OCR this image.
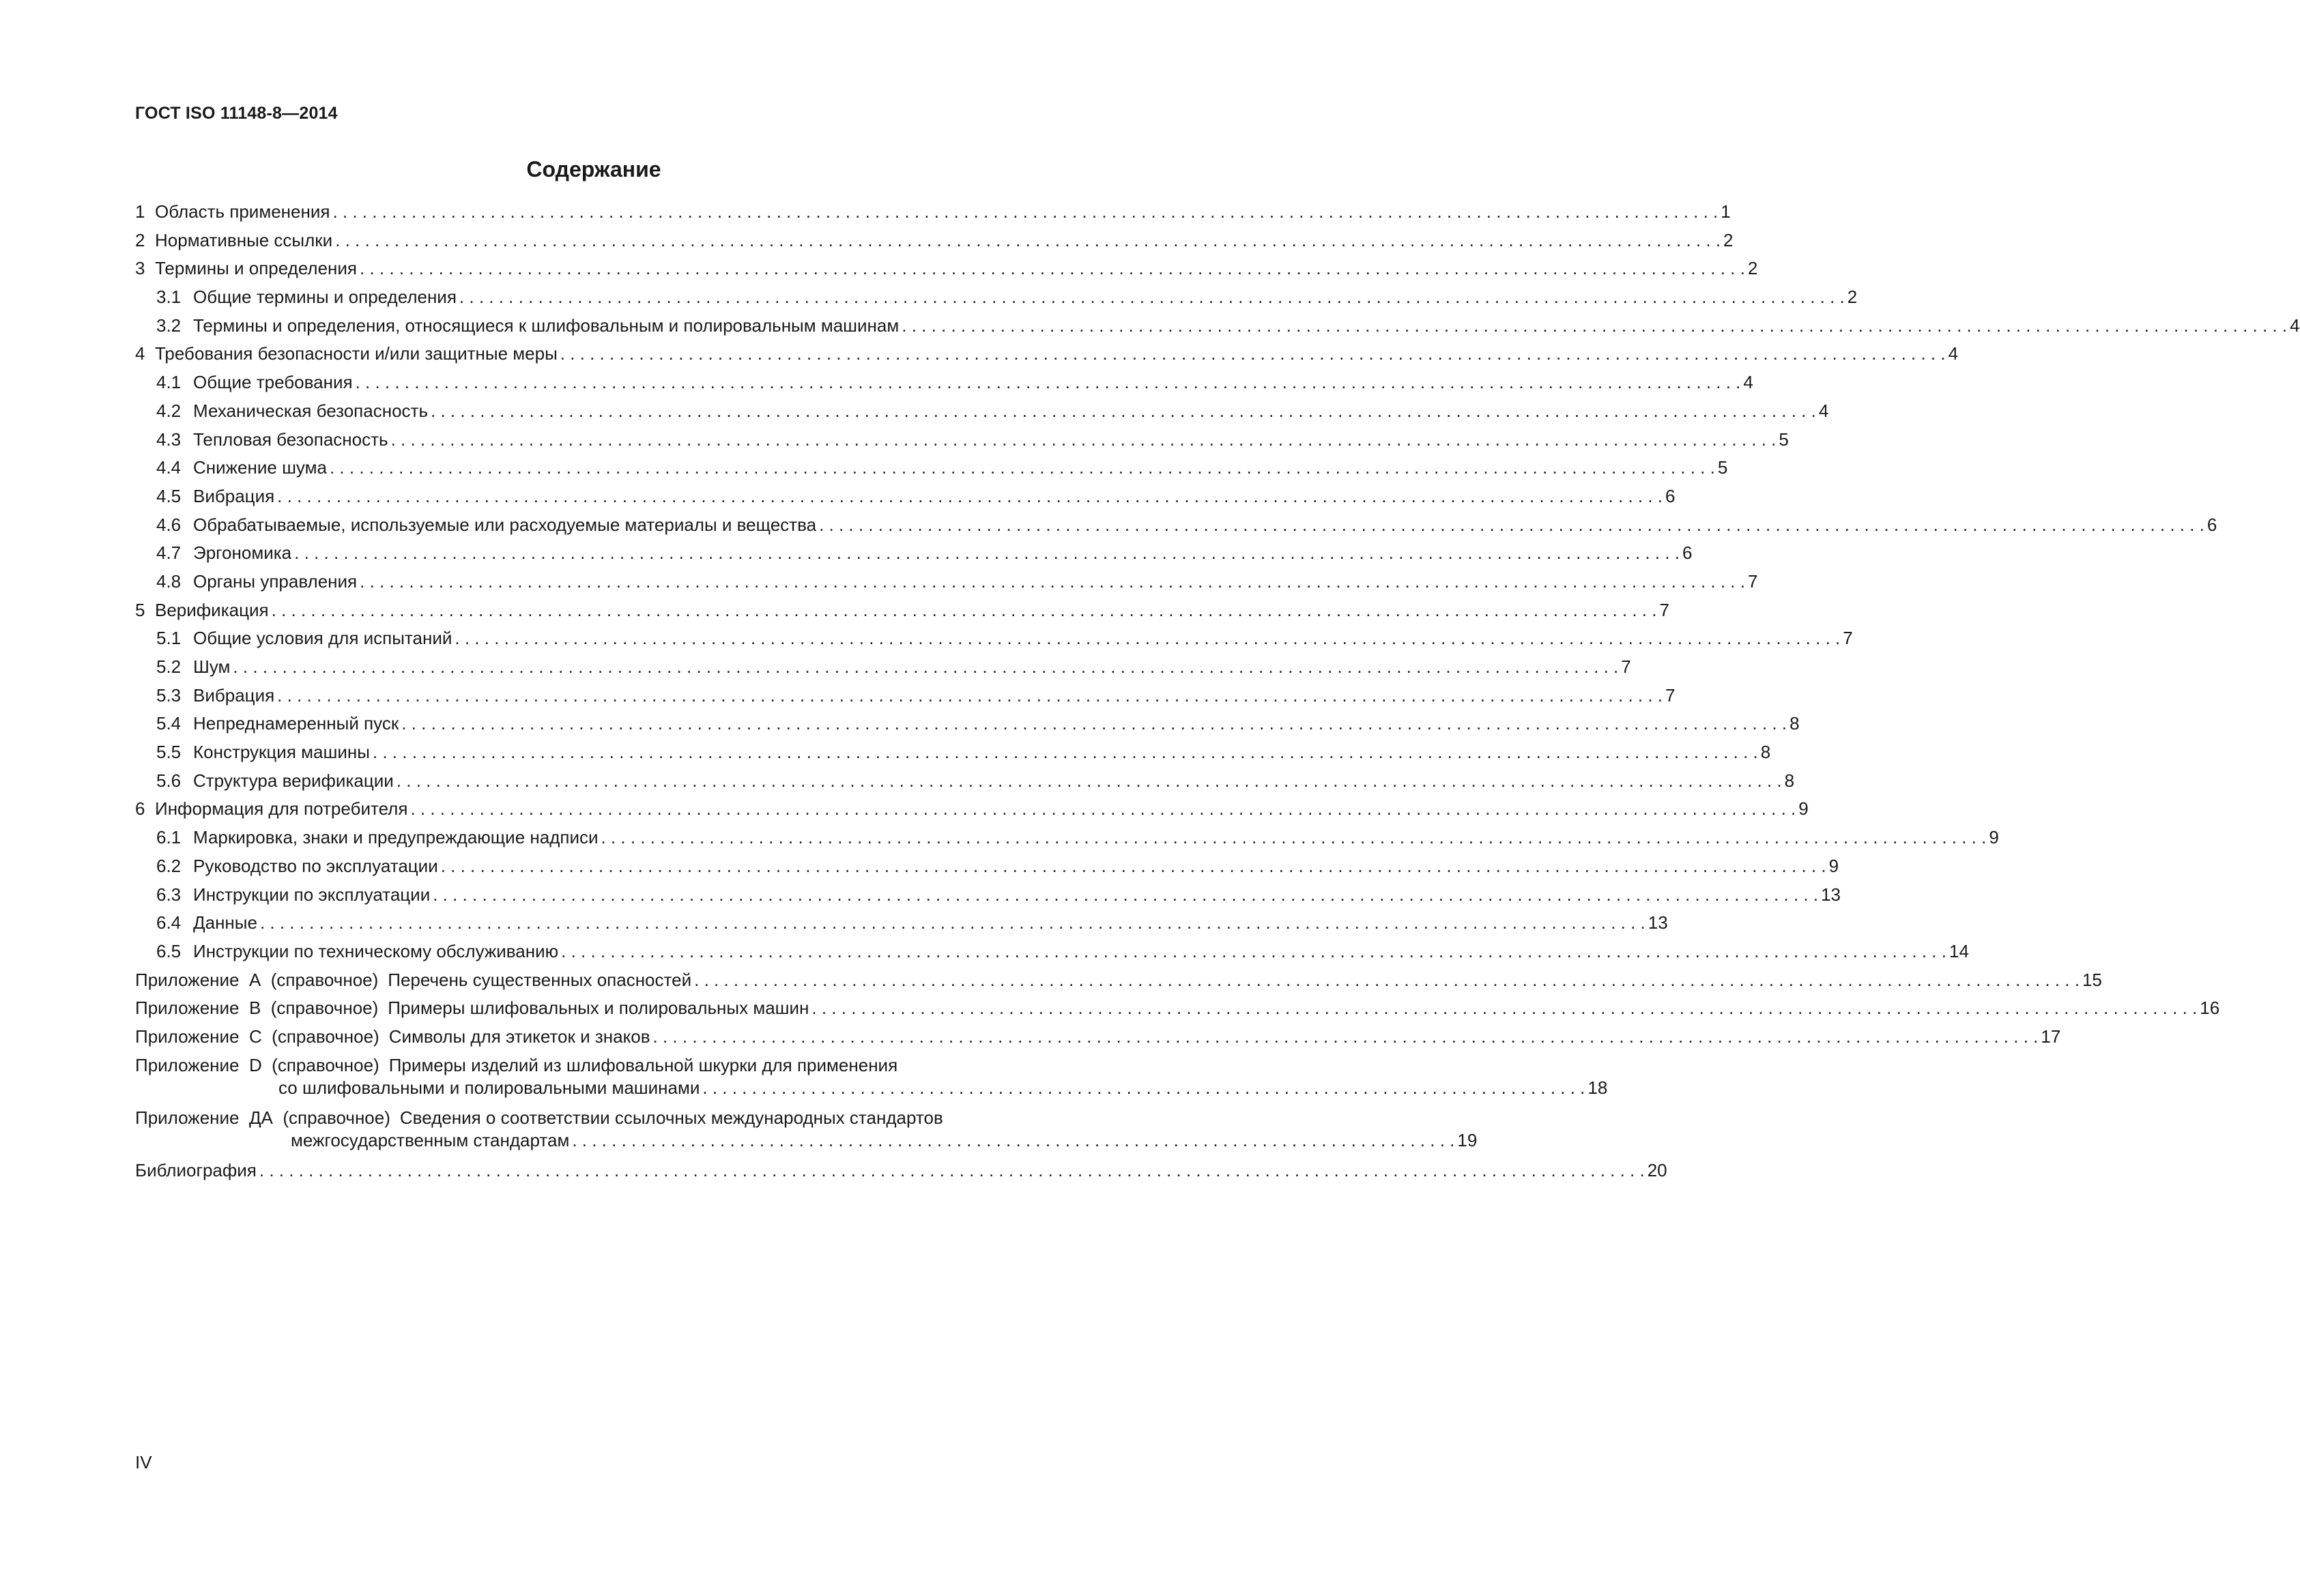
ГОСТ ISO 11148-8—2014
Содержание
1 Область применения . . .	1
2 Нормативные ссылки . . .	2
3 Термины и определения . . .	2
3.1 Общие термины и определения . . .	2
3.2 Термины и определения, относящиеся к шлифовальным и полировальным машинам . . .	4
4 Требования безопасности и/или защитные меры . . .	4
4.1 Общие требования . . .	4
4.2 Механическая безопасность . . .	4
4.3 Тепловая безопасность . . .	5
4.4 Снижение шума . . .	5
4.5 Вибрация . . .	6
4.6 Обрабатываемые, используемые или расходуемые материалы и вещества . . .	6
4.7 Эргономика . . .	6
4.8 Органы управления . . .	7
5 Верификация . . .	7
5.1 Общие условия для испытаний . . .	7
5.2 Шум . . .	7
5.3 Вибрация . . .	7
5.4 Непреднамеренный пуск . . .	8
5.5 Конструкция машины . . .	8
5.6 Структура верификации . . .	8
6 Информация для потребителя . . .	9
6.1 Маркировка, знаки и предупреждающие надписи . . .	9
6.2 Руководство по эксплуатации . . .	9
6.3 Инструкции по эксплуатации . . .	13
6.4 Данные . . .	13
6.5 Инструкции по техническому обслуживанию . . .	14
Приложение  А  (справочное) Перечень существенных опасностей . . .	15
Приложение  В  (справочное) Примеры шлифовальных и полировальных машин . . .	16
Приложение  С  (справочное) Символы для этикеток и знаков . . .	17
Приложение  D  (справочное) Примеры изделий из шлифовальной шкурки для применения
со шлифовальными и полировальными машинами . . . . . . . . . . . . . . . . . . . . . . . . . . . . . . . . . . . . . . . . . . . . . . . . . . . . . . . . . . . . . . . . . . . . . . . . . . . . . . . . . . . . . . . . . . 18
Приложение  ДА  (справочное) Сведения о соответствии ссылочных международных стандартов
межгосударственным стандартам . . . . . . . . . . . . . . . . . . . . . . . . . . . . . . . . . . . . . . . . . . . . . . . . . . . . . . . . . . . . . . . . . . . . . . . . . . . . . . . . . . . . . . . . . . 19
Библиография . . .	20
IV
